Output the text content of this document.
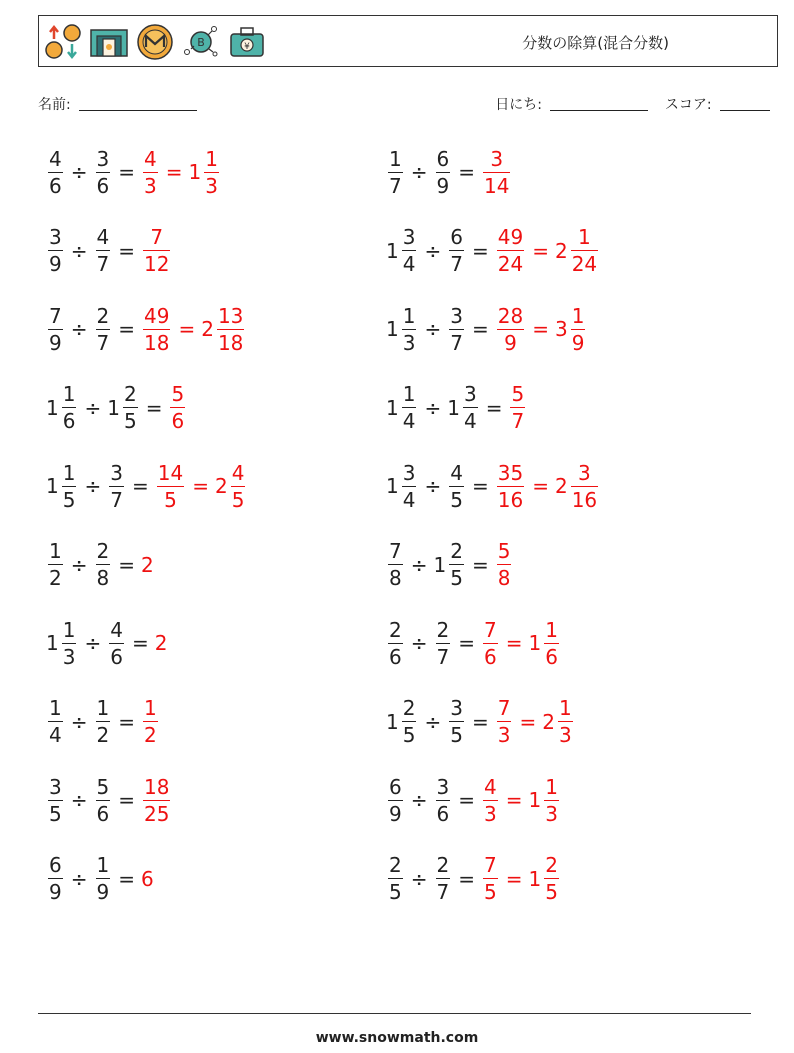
B	¥	分数の除算(混合分数)
名前:	日にち:	スコア:
$\frac{4}{6} \div \frac{3}{6} = \frac{4}{3} = 1 \frac{1}{3}$	$\frac{1}{7} \div \frac{6}{9} = \frac{3}{14}$
$\frac{3}{9} \div \frac{4}{7} = \frac{7}{12}$	$1 \frac{3}{4} \div \frac{6}{7} = \frac{49}{24} = 2 \frac{1}{24}$
$\frac{7}{9} \div \frac{2}{7} = \frac{49}{18} = 2 \frac{13}{18}$	$1 \frac{1}{3} \div \frac{3}{7} = \frac{28}{9} = 3 \frac{1}{9}$
$1 \frac{1}{6} \div 1 \frac{2}{5} = \frac{5}{6}$	$1 \frac{1}{4} \div 1 \frac{3}{4} = \frac{5}{7}$
$1 \frac{1}{5} \div \frac{3}{7} = \frac{14}{5} = 2 \frac{4}{5}$	$1 \frac{3}{4} \div \frac{4}{5} = \frac{35}{16} = 2 \frac{3}{16}$
$\frac{1}{2} \div \frac{2}{8} = 2$	$\frac{7}{8} \div 1 \frac{2}{5} = \frac{5}{8}$
$1 \frac{1}{3} \div \frac{4}{6} = 2$	$\frac{2}{6} \div \frac{2}{7} = \frac{7}{6} = 1 \frac{1}{6}$
$\frac{1}{4} \div \frac{1}{2} = \frac{1}{2}$	$1 \frac{2}{5} \div \frac{3}{5} = \frac{7}{3} = 2 \frac{1}{3}$
$\frac{3}{5} \div \frac{5}{6} = \frac{18}{25}$	$\frac{6}{9} \div \frac{3}{6} = \frac{4}{3} = 1 \frac{1}{3}$
$\frac{6}{9} \div \frac{1}{9} = 6$	$\frac{2}{5} \div \frac{2}{7} = \frac{7}{5} = 1 \frac{2}{5}$
www.snowmath.com
